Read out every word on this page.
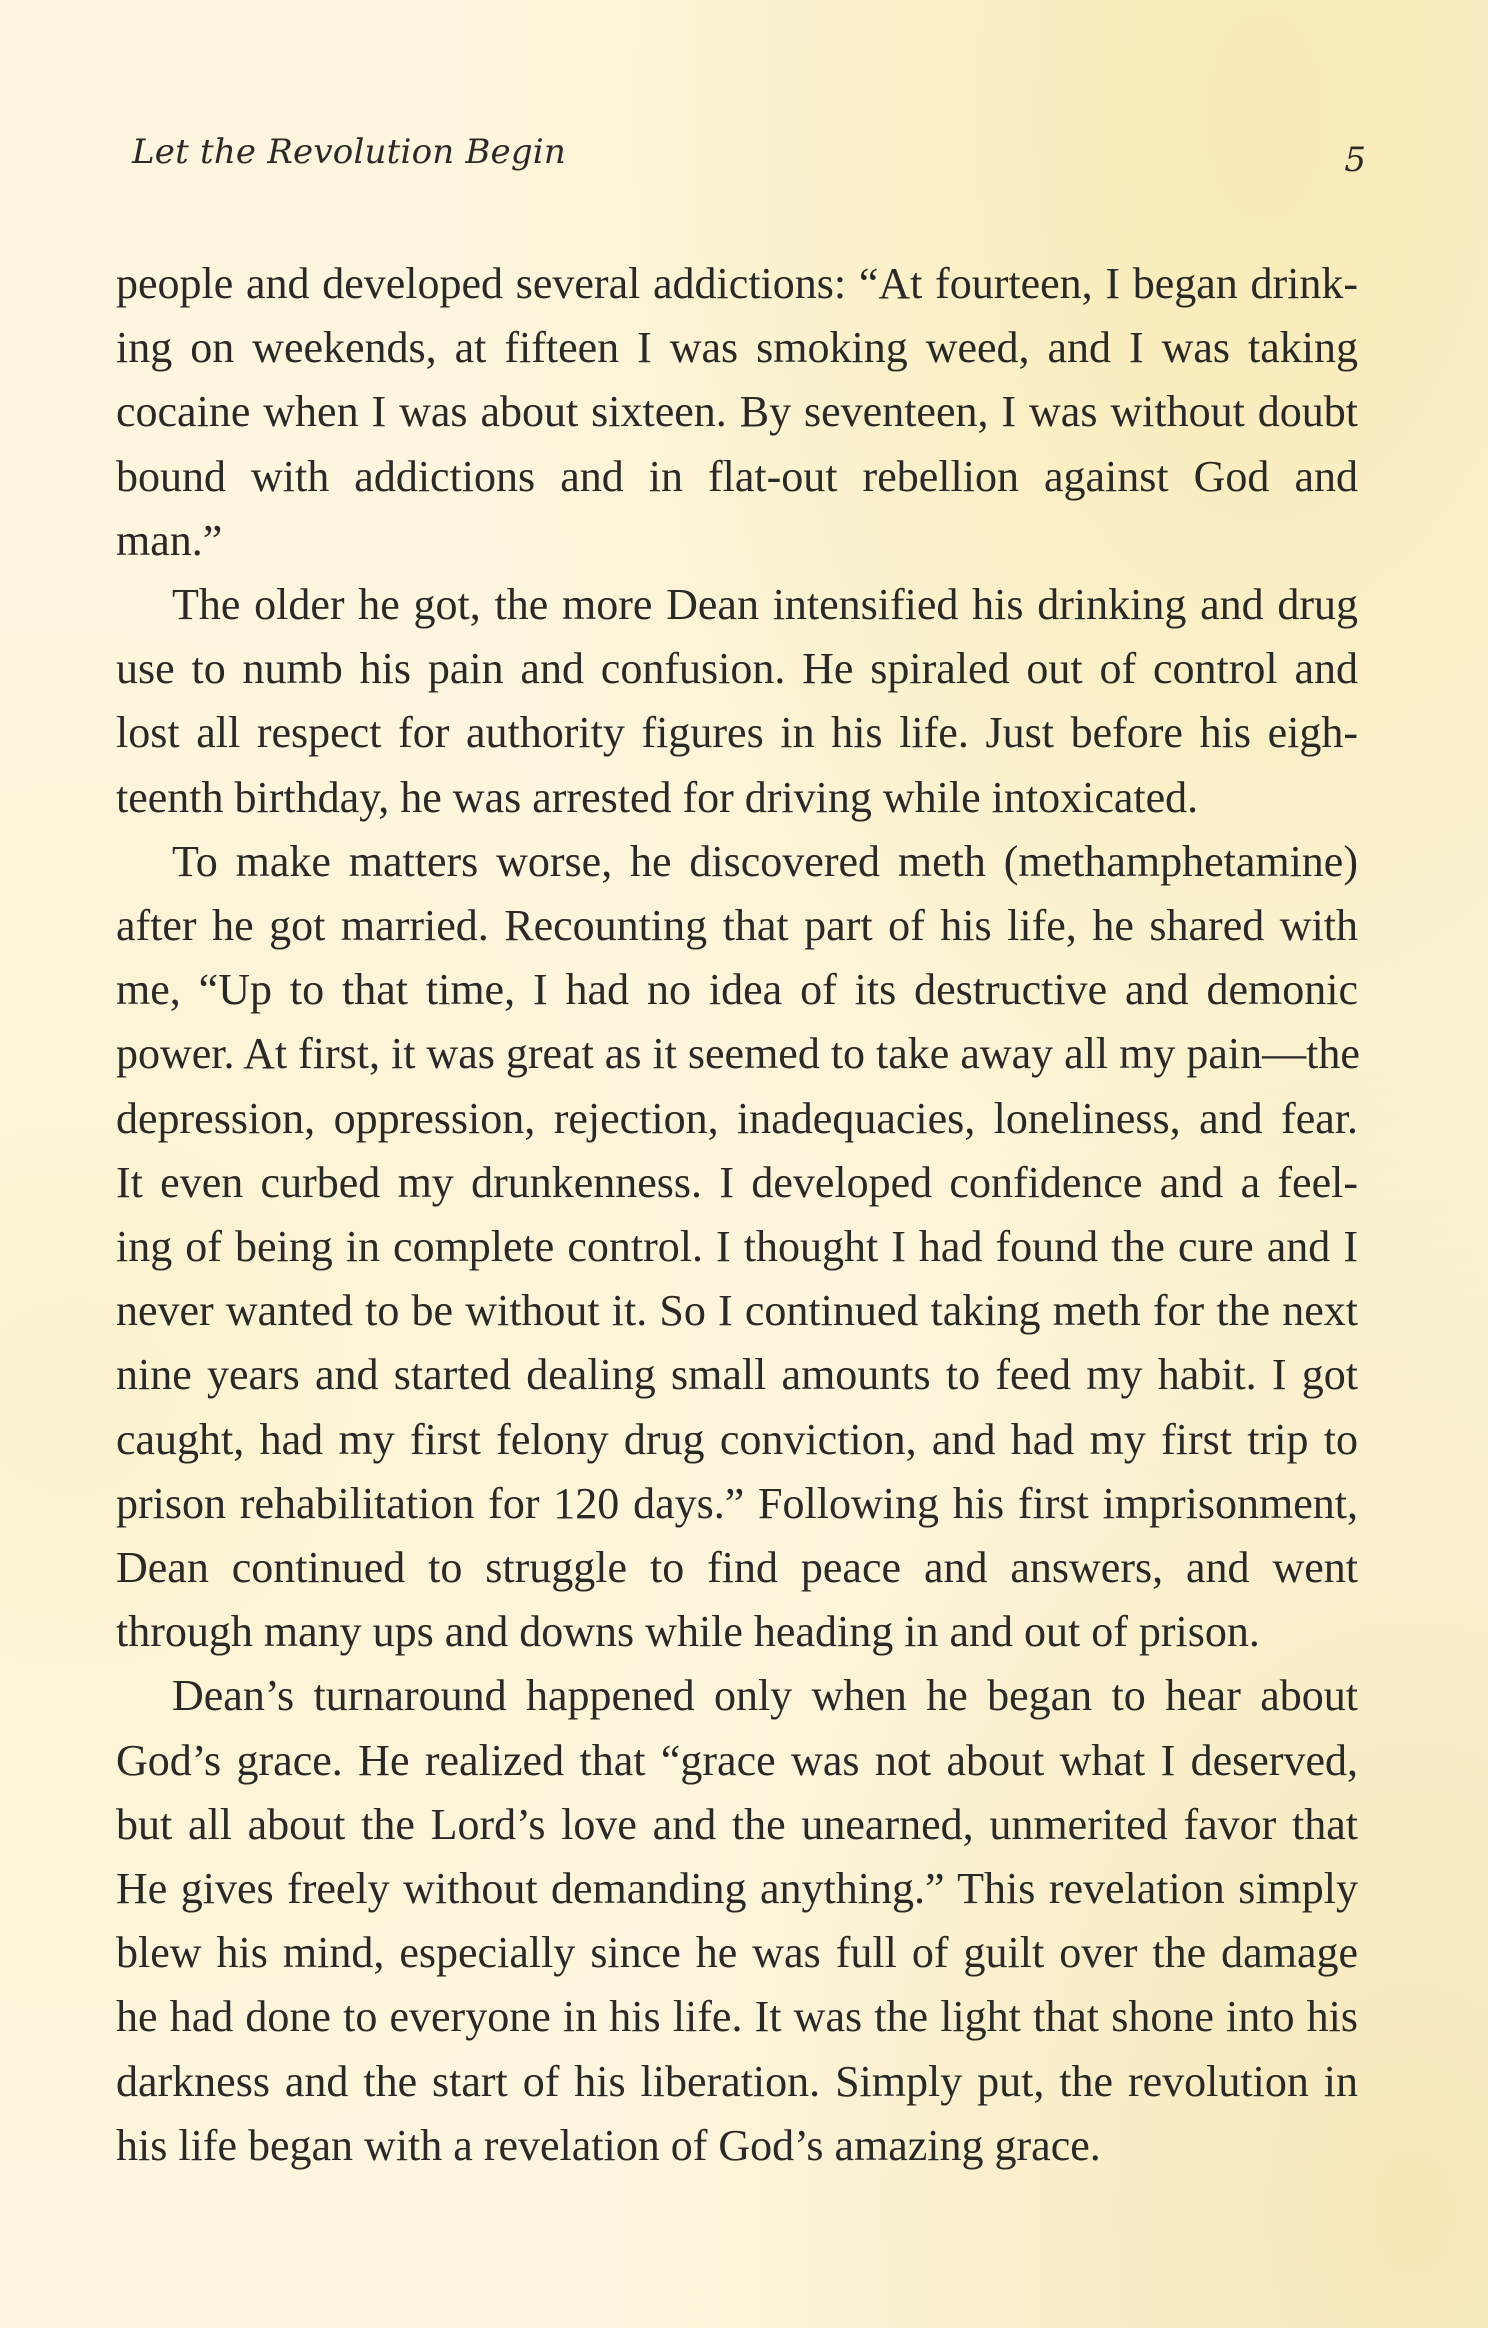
Let the Revolution Begin	5

people and developed several addictions: “At fourteen, I began drink-
ing on weekends, at fifteen I was smoking weed, and I was taking
cocaine when I was about sixteen. By seventeen, I was without doubt
bound with addictions and in flat-out rebellion against God and
man.”

The older he got, the more Dean intensified his drinking and drug
use to numb his pain and confusion. He spiraled out of control and
lost all respect for authority figures in his life. Just before his eigh-
teenth birthday, he was arrested for driving while intoxicated.

To make matters worse, he discovered meth (methamphetamine)
after he got married. Recounting that part of his life, he shared with
me, “Up to that time, I had no idea of its destructive and demonic
power. At first, it was great as it seemed to take away all my pain—the
depression, oppression, rejection, inadequacies, loneliness, and fear.
It even curbed my drunkenness. I developed confidence and a feel-
ing of being in complete control. I thought I had found the cure and I
never wanted to be without it. So I continued taking meth for the next
nine years and started dealing small amounts to feed my habit. I got
caught, had my first felony drug conviction, and had my first trip to
prison rehabilitation for 120 days.” Following his first imprisonment,
Dean continued to struggle to find peace and answers, and went
through many ups and downs while heading in and out of prison.

Dean’s turnaround happened only when he began to hear about
God’s grace. He realized that “grace was not about what I deserved,
but all about the Lord’s love and the unearned, unmerited favor that
He gives freely without demanding anything.” This revelation simply
blew his mind, especially since he was full of guilt over the damage
he had done to everyone in his life. It was the light that shone into his
darkness and the start of his liberation. Simply put, the revolution in
his life began with a revelation of God’s amazing grace.
